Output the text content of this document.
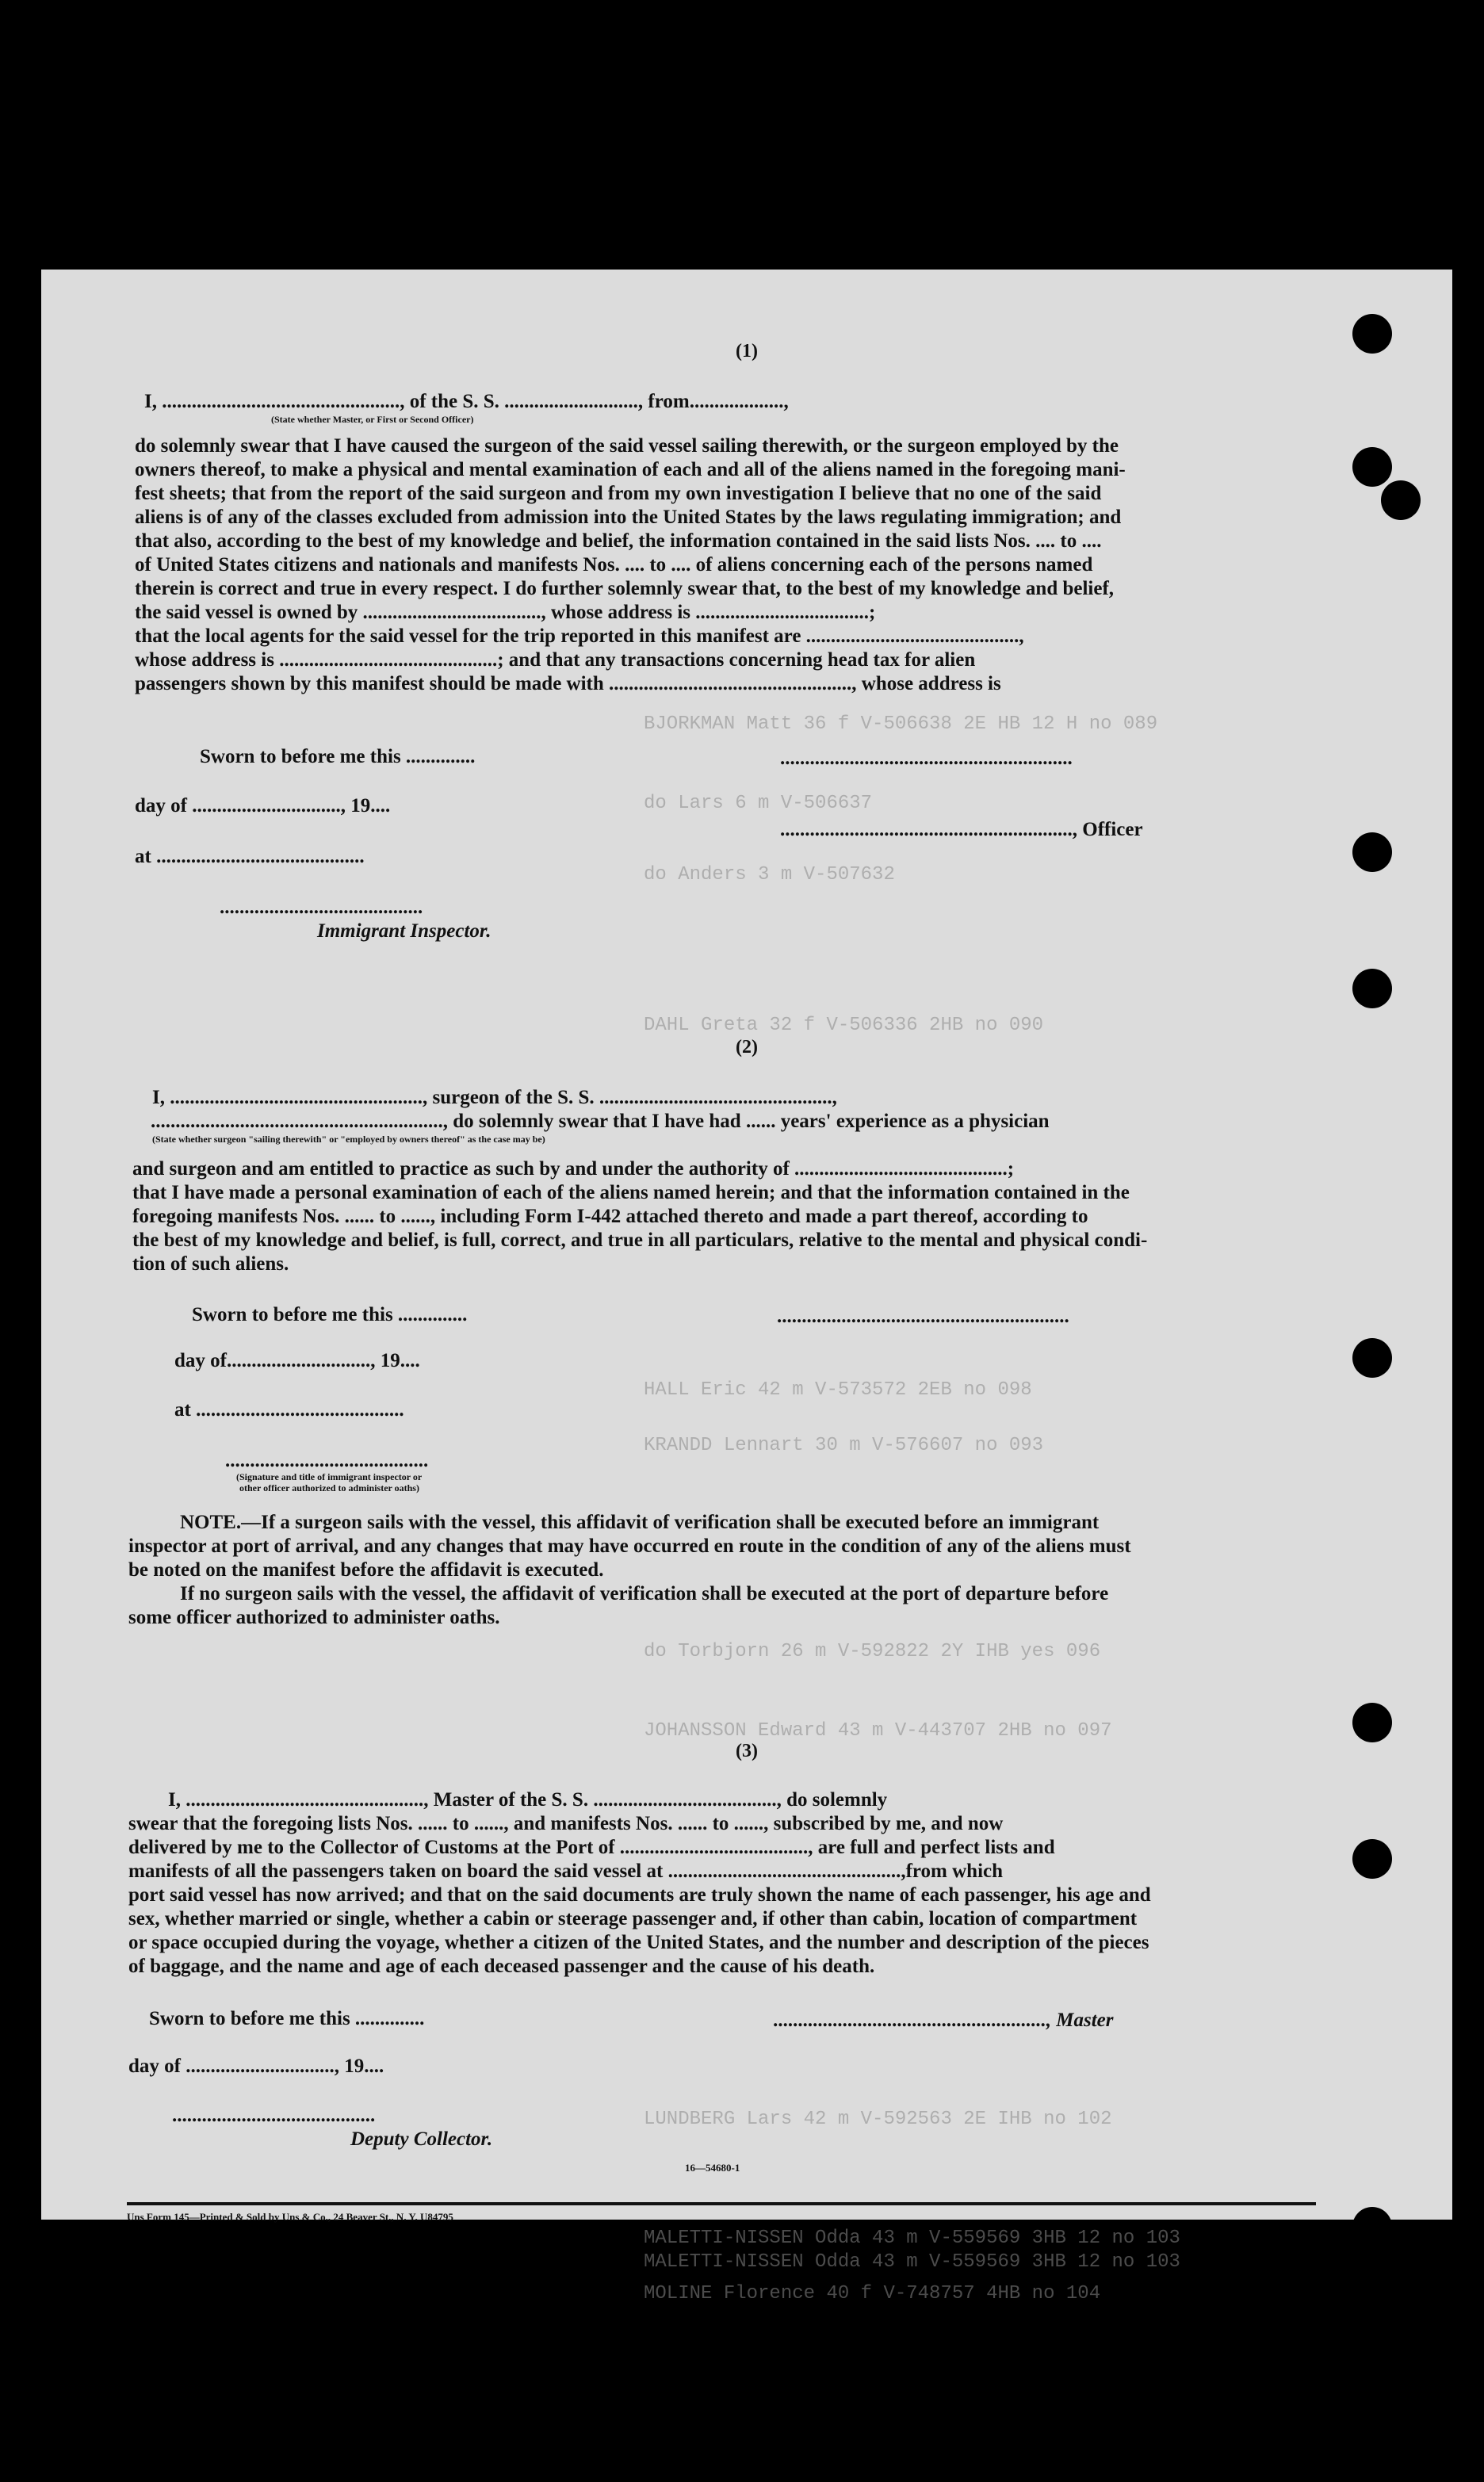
BJORKMAN Matt 36 f V-506638 2E HB 12 H no 089
do Lars 6 m V-506637
do Anders 3 m V-507632
DAHL Greta 32 f V-506336 2HB no 090
HALL Eric 42 m V-573572 2EB no 098
KRANDD Lennart 30 m V-576607 no 093
do Torbjorn 26 m V-592822 2Y IHB yes 096
JOHANSSON Edward 43 m V-443707 2HB no 097
LUNDBERG Lars 42 m V-592563 2E IHB no 102
MALETTI-NISSEN Odda 43 m V-559569 3HB 12 no 103
(1)
I, ................................................, of the S. S. ..........................., from...................,
(State whether Master, or First or Second Officer)
do solemnly swear that I have caused the surgeon of the said vessel sailing therewith, or the surgeon employed by the
owners thereof, to make a physical and mental examination of each and all of the aliens named in the foregoing mani-
fest sheets; that from the report of the said surgeon and from my own investigation I believe that no one of the said
aliens is of any of the classes excluded from admission into the United States by the laws regulating immigration; and
that also, according to the best of my knowledge and belief, the information contained in the said lists Nos. .... to ....
of United States citizens and nationals and manifests Nos. .... to .... of aliens concerning each of the persons named
therein is correct and true in every respect. I do further solemnly swear that, to the best of my knowledge and belief,
the said vessel is owned by ...................................., whose address is ...................................;
that the local agents for the said vessel for the trip reported in this manifest are ...........................................,
whose address is ............................................; and that any transactions concerning head tax for alien
passengers shown by this manifest should be made with ................................................., whose address is
Sworn to before me this ..............	...........................................................
day of .............................., 19....
..........................................................., Officer
at ..........................................
.........................................
Immigrant Inspector.
(2)
I, ..................................................., surgeon of the S. S. ...............................................,
..........................................................., do solemnly swear that I have had ...... years' experience as a physician
(State whether surgeon "sailing therewith" or "employed by owners thereof" as the case may be)
and surgeon and am entitled to practice as such by and under the authority of ...........................................;
that I have made a personal examination of each of the aliens named herein; and that the information contained in the
foregoing manifests Nos. ...... to ......, including Form I-442 attached thereto and made a part thereof, according to
the best of my knowledge and belief, is full, correct, and true in all particulars, relative to the mental and physical condi-
tion of such aliens.
Sworn to before me this ..............	...........................................................
day of............................., 19....
at ..........................................
.........................................
(Signature and title of immigrant inspector or
other officer authorized to administer oaths)
NOTE.—If a surgeon sails with the vessel, this affidavit of verification shall be executed before an immigrant
inspector at port of arrival, and any changes that may have occurred en route in the condition of any of the aliens must
be noted on the manifest before the affidavit is executed.
If no surgeon sails with the vessel, the affidavit of verification shall be executed at the port of departure before
some officer authorized to administer oaths.
(3)
I, ................................................, Master of the S. S. ....................................., do solemnly
swear that the foregoing lists Nos. ...... to ......, and manifests Nos. ...... to ......, subscribed by me, and now
delivered by me to the Collector of Customs at the Port of ......................................, are full and perfect lists and
manifests of all the passengers taken on board the said vessel at ...............................................,from which
port said vessel has now arrived; and that on the said documents are truly shown the name of each passenger, his age and
sex, whether married or single, whether a cabin or steerage passenger and, if other than cabin, location of compartment
or space occupied during the voyage, whether a citizen of the United States, and the number and description of the pieces
of baggage, and the name and age of each deceased passenger and the cause of his death.
Sworn to before me this ..............	......................................................., Master
day of .............................., 19....
.........................................
Deputy Collector.
16—54680-1
Uns Form 145—Printed & Sold by Uns & Co., 24 Beaver St., N. Y. U84795
MALETTI-NISSEN Odda 43 m V-559569 3HB 12 no 103
MOLINE Florence 40 f V-748757 4HB no 104
